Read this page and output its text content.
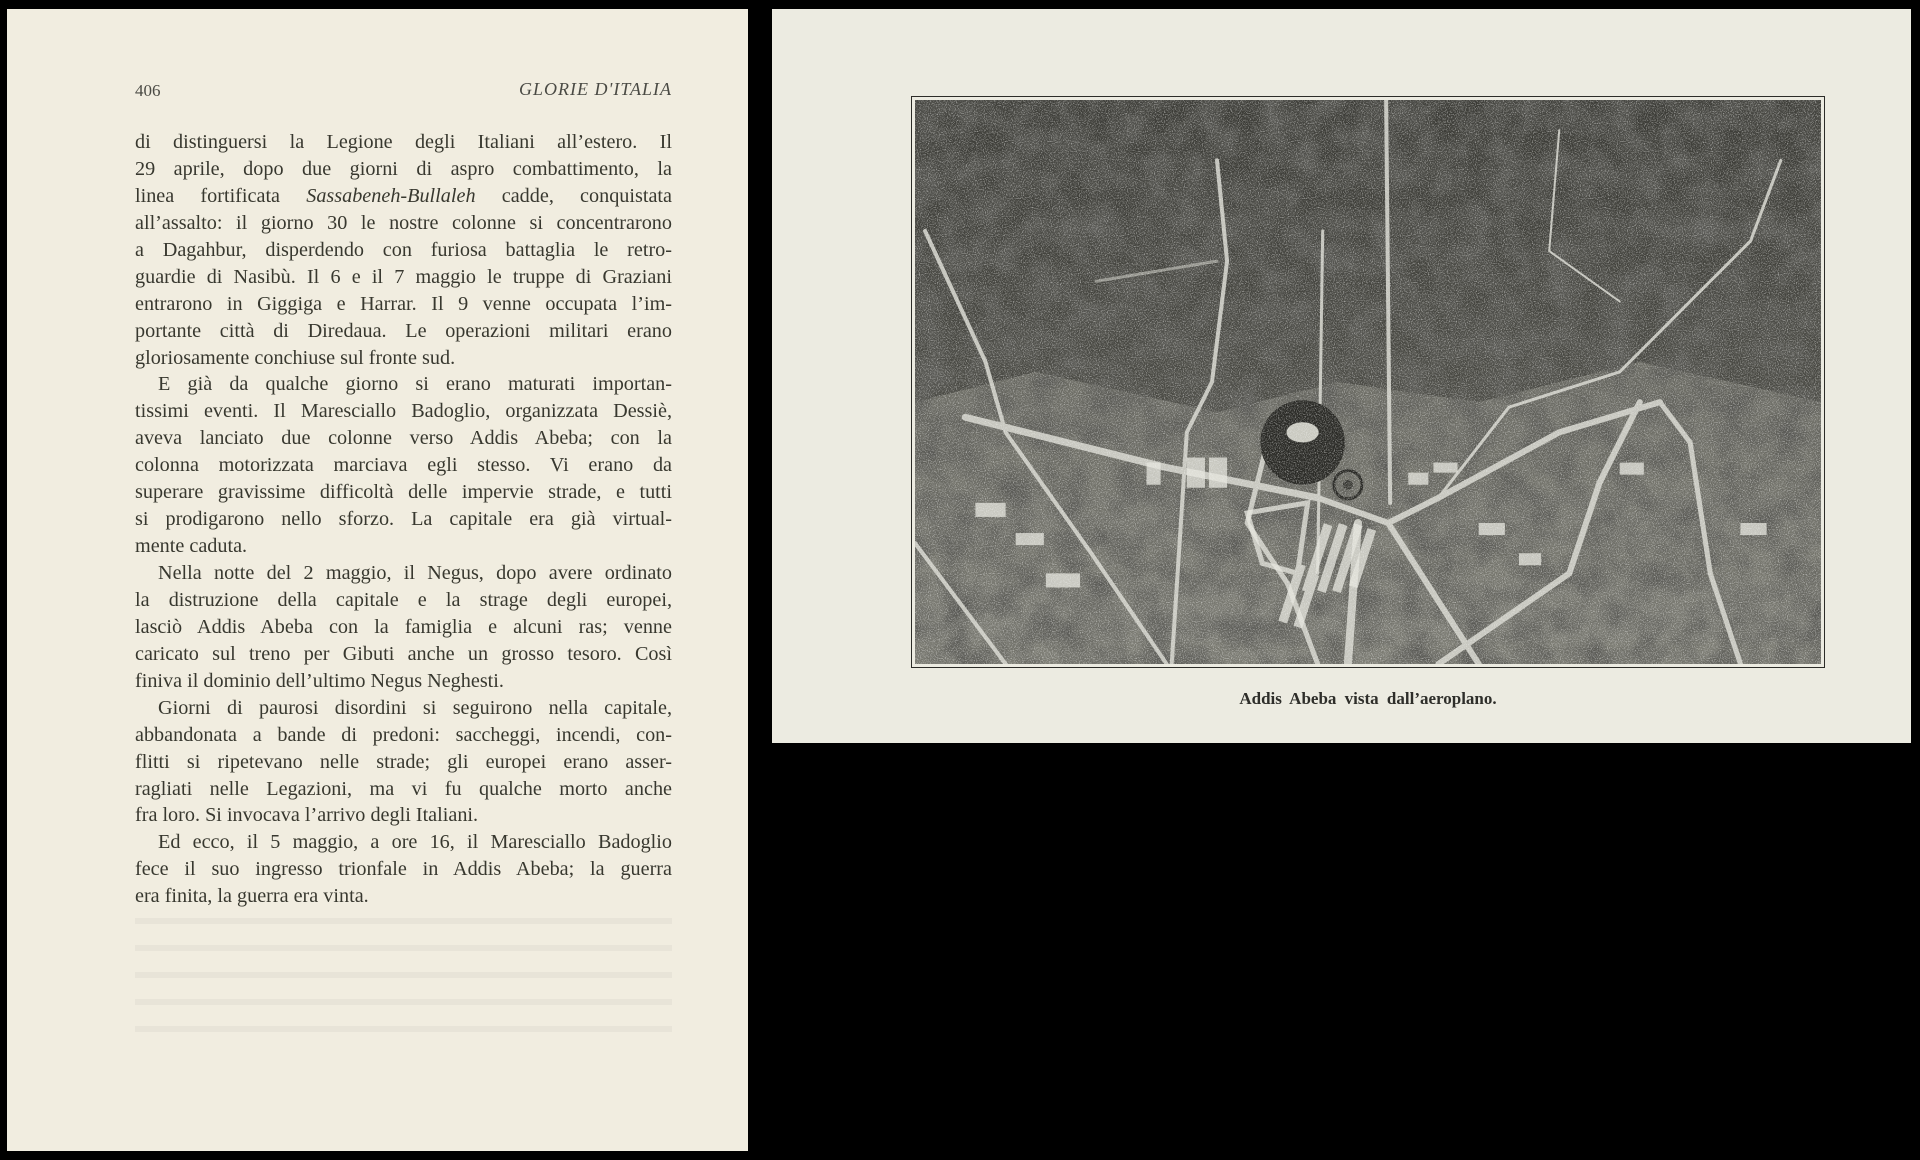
406	GLORIE D'ITALIA
di distinguersi la Legione degli Italiani all’estero. Il
29 aprile, dopo due giorni di aspro combattimento, la
linea fortificata Sassabeneh-Bullaleh cadde, conquistata
all’assalto: il giorno 30 le nostre colonne si concentrarono
a Dagahbur, disperdendo con furiosa battaglia le retro-
guardie di Nasibù. Il 6 e il 7 maggio le truppe di Graziani
entrarono in Giggiga e Harrar. Il 9 venne occupata l’im-
portante città di Diredaua. Le operazioni militari erano
gloriosamente conchiuse sul fronte sud.
E già da qualche giorno si erano maturati importan-
tissimi eventi. Il Maresciallo Badoglio, organizzata Dessiè,
aveva lanciato due colonne verso Addis Abeba; con la
colonna motorizzata marciava egli stesso. Vi erano da
superare gravissime difficoltà delle impervie strade, e tutti
si prodigarono nello sforzo. La capitale era già virtual-
mente caduta.
Nella notte del 2 maggio, il Negus, dopo avere ordinato
la distruzione della capitale e la strage degli europei,
lasciò Addis Abeba con la famiglia e alcuni ras; venne
caricato sul treno per Gibuti anche un grosso tesoro. Così
finiva il dominio dell’ultimo Negus Neghesti.
Giorni di paurosi disordini si seguirono nella capitale,
abbandonata a bande di predoni: saccheggi, incendi, con-
flitti si ripetevano nelle strade; gli europei erano asser-
ragliati nelle Legazioni, ma vi fu qualche morto anche
fra loro. Si invocava l’arrivo degli Italiani.
Ed ecco, il 5 maggio, a ore 16, il Maresciallo Badoglio
fece il suo ingresso trionfale in Addis Abeba; la guerra
era finita, la guerra era vinta.
Addis Abeba vista dall’aeroplano.
